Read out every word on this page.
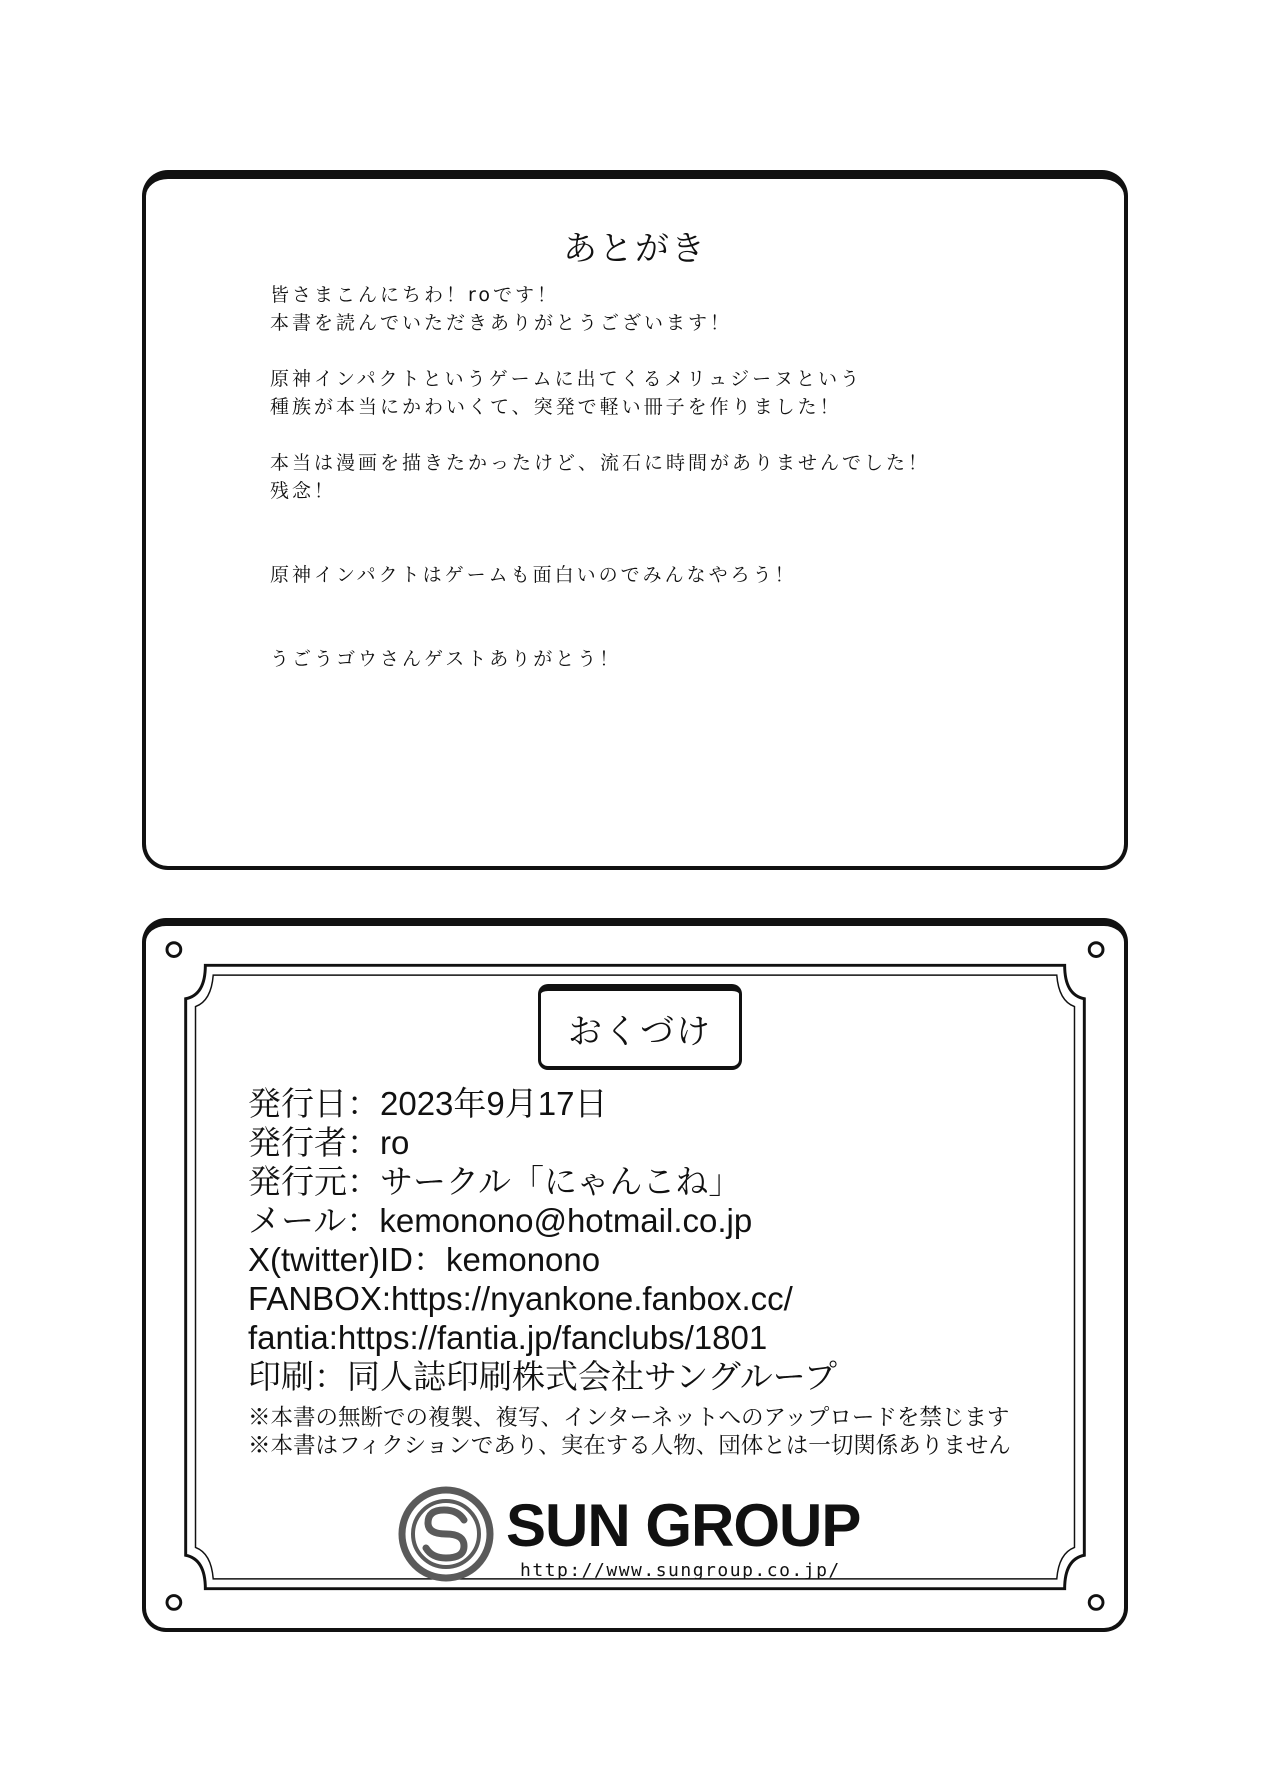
あとがき

皆さまこんにちわ！roです！
本書を読んでいただきありがとうございます！

原神インパクトというゲームに出てくるメリュジーヌという
種族が本当にかわいくて、突発で軽い冊子を作りました！

本当は漫画を描きたかったけど、流石に時間がありませんでした！
残念！

原神インパクトはゲームも面白いのでみんなやろう！

うごうゴウさんゲストありがとう！

おくづけ
発行日：2023年9月17日
発行者：ro
発行元：サークル「にゃんこね」
メール：kemonono@hotmail.co.jp
X(twitter)ID：kemonono
FANBOX:https://nyankone.fanbox.cc/
fantia:https://fantia.jp/fanclubs/1801
印刷：同人誌印刷株式会社サングループ
※本書の無断での複製、複写、インターネットへのアップロードを禁じます
※本書はフィクションであり、実在する人物、団体とは一切関係ありません
SUN GROUP
http://www.sungroup.co.jp/
